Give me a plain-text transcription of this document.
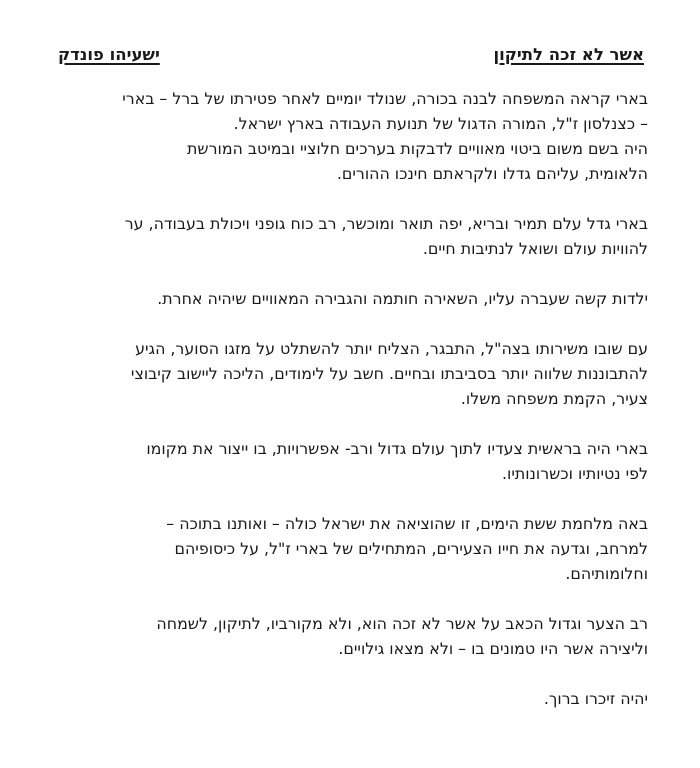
אשר לא זכה לתיקון
ישעיהו פונדק

בארי קראה המשפחה לבנה בכורה, שנולד יומיים לאחר פטירתו של ברל – בארי
– כצנלסון ז"ל, המורה הדגול של תנועת העבודה בארץ ישראל.

היה בשם משום ביטוי מאוויים לדבקות בערכים חלוציי ובמיטב המורשת
הלאומית, עליהם גדלו ולקראתם חינכו ההורים.

בארי גדל עלם תמיר ובריא, יפה תואר ומוכשר, רב כוח גופני ויכולת בעבודה, ער
להוויות עולם ושואל לנתיבות חיים.

ילדות קשה שעברה עליו, השאירה חותמה והגבירה המאוויים שיהיה אחרת.

עם שובו משירותו בצה"ל, התבגר, הצליח יותר להשתלט על מזגו הסוער, הגיע
להתבוננות שלווה יותר בסביבתו ובחיים. חשב על לימודים, הליכה ליישוב קיבוצי
צעיר, הקמת משפחה משלו.

בארי היה בראשית צעדיו לתוך עולם גדול ורב- אפשרויות, בו ייצור את מקומו
לפי נטיותיו וכשרונותיו.

באה מלחמת ששת הימים, זו שהוציאה את ישראל כולה – ואותנו בתוכה –
למרחב, וגדעה את חייו הצעירים, המתחילים של בארי ז"ל, על כיסופיהם
וחלומותיהם.

רב הצער וגדול הכאב על אשר לא זכה הוא, ולא מקורביו, לתיקון, לשמחה
וליצירה אשר היו טמונים בו – ולא מצאו גילויים.

יהיה זיכרו ברוך.
